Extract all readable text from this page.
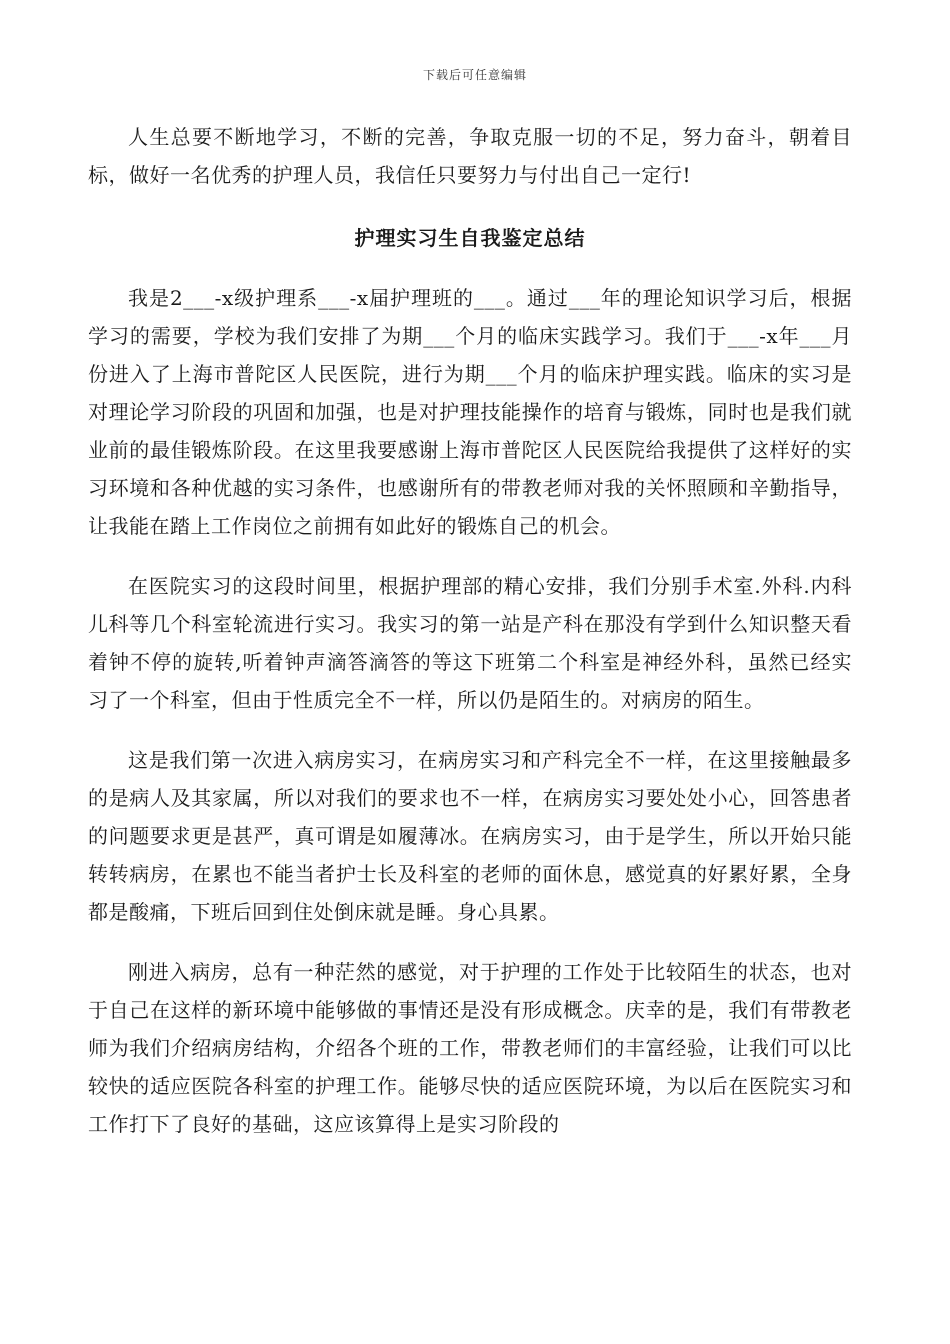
下载后可任意编辑

人生总要不断地学习，不断的完善，争取克服一切的不足，努力奋斗，朝着目标，做好一名优秀的护理人员，我信任只要努力与付出自己一定行!

护理实习生自我鉴定总结

我是2___-x级护理系___-x届护理班的___。通过___年的理论知识学习后，根据学习的需要，学校为我们安排了为期___个月的临床实践学习。我们于___-x年___月份进入了上海市普陀区人民医院，进行为期___个月的临床护理实践。临床的实习是对理论学习阶段的巩固和加强，也是对护理技能操作的培育与锻炼，同时也是我们就业前的最佳锻炼阶段。在这里我要感谢上海市普陀区人民医院给我提供了这样好的实习环境和各种优越的实习条件，也感谢所有的带教老师对我的关怀照顾和辛勤指导，让我能在踏上工作岗位之前拥有如此好的锻炼自己的机会。

在医院实习的这段时间里，根据护理部的精心安排，我们分别手术室.外科.内科儿科等几个科室轮流进行实习。我实习的第一站是产科在那没有学到什么知识整天看着钟不停的旋转,听着钟声滴答滴答的等这下班第二个科室是神经外科，虽然已经实习了一个科室，但由于性质完全不一样，所以仍是陌生的。对病房的陌生。

这是我们第一次进入病房实习，在病房实习和产科完全不一样，在这里接触最多的是病人及其家属，所以对我们的要求也不一样，在病房实习要处处小心，回答患者的问题要求更是甚严，真可谓是如履薄冰。在病房实习，由于是学生，所以开始只能转转病房，在累也不能当者护士长及科室的老师的面休息，感觉真的好累好累，全身都是酸痛，下班后回到住处倒床就是睡。身心具累。

刚进入病房，总有一种茫然的感觉，对于护理的工作处于比较陌生的状态，也对于自己在这样的新环境中能够做的事情还是没有形成概念。庆幸的是，我们有带教老师为我们介绍病房结构，介绍各个班的工作，带教老师们的丰富经验，让我们可以比较快的适应医院各科室的护理工作。能够尽快的适应医院环境，为以后在医院实习和工作打下了良好的基础，这应该算得上是实习阶段的
